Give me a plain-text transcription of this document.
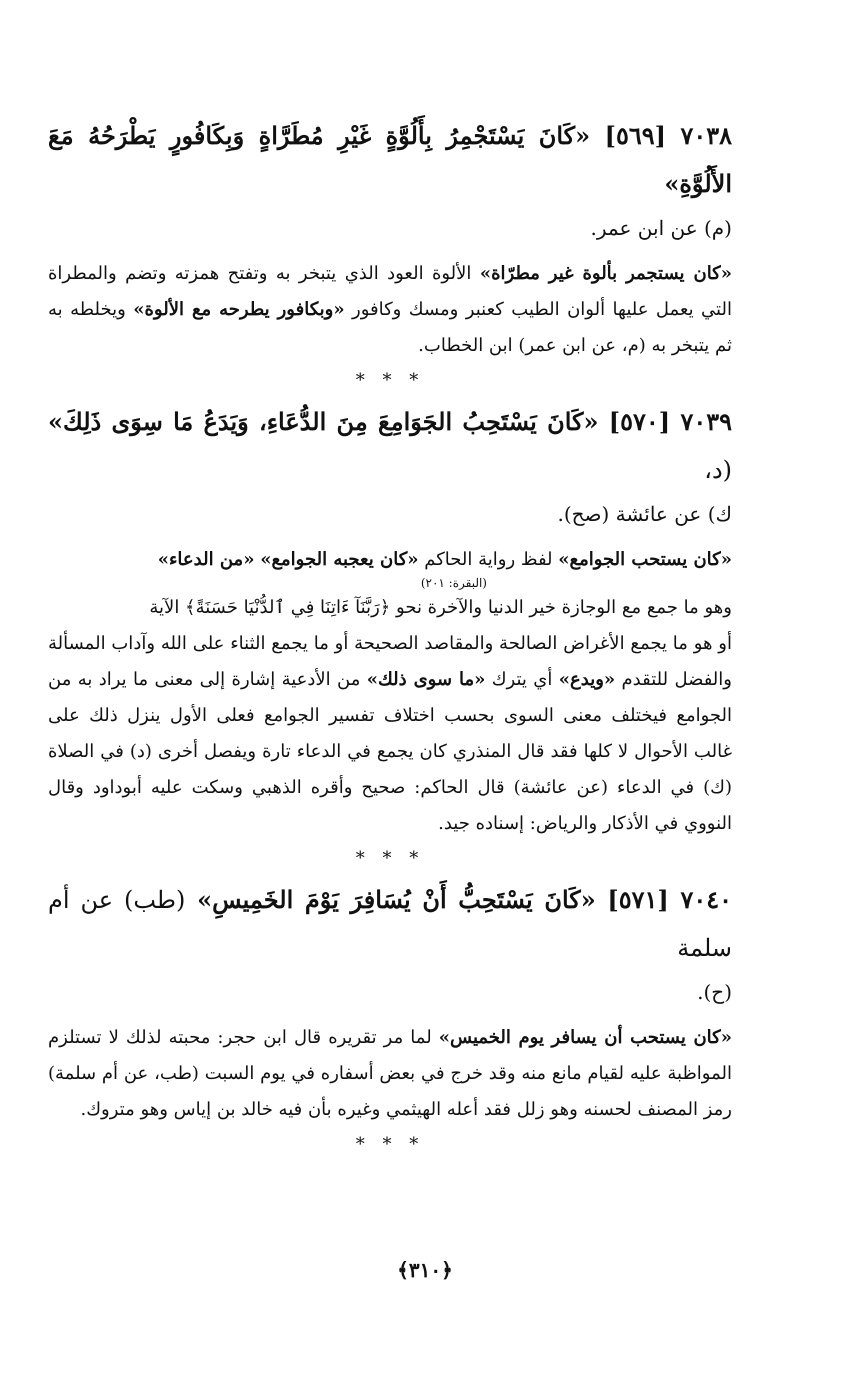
٧٠٣٨ [٥٦٩] «كَانَ يَسْتَجْمِرُ بِأَلُوَّةٍ غَيْرِ مُطَرَّاةٍ وَبِكَافُورٍ يَطْرَحُهُ مَعَ الأَلُوَّةِ»
(م) عن ابن عمر.

«كان يستجمر بألوة غير مطرّاة» الألوة العود الذي يتبخر به وتفتح همزته وتضم والمطراة التي يعمل عليها ألوان الطيب كعنبر ومسك وكافور «وبكافور يطرحه مع الألوة» ويخلطه به ثم يتبخر به (م، عن ابن عمر) ابن الخطاب.

* * *

٧٠٣٩ [٥٧٠] «كَانَ يَسْتَحِبُ الجَوَامِعَ مِنَ الدُّعَاءِ، وَيَدَعُ مَا سِوَى ذَلِكَ» (د،
ك) عن عائشة (صح).

«كان يستحب الجوامع» لفظ رواية الحاكم «كان يعجبه الجوامع» «من الدعاء»
(البقرة: ٢٠١)
وهو ما جمع مع الوجازة خير الدنيا والآخرة نحو ﴿رَبَّنَآ ءَاتِنَا فِي ٱلدُّنْيَا حَسَنَةً﴾ الآية
أو هو ما يجمع الأغراض الصالحة والمقاصد الصحيحة أو ما يجمع الثناء على الله وآداب المسألة والفضل للتقدم «ويدع» أي يترك «ما سوى ذلك» من الأدعية إشارة إلى معنى ما يراد به من الجوامع فيختلف معنى السوى بحسب اختلاف تفسير الجوامع فعلى الأول ينزل ذلك على غالب الأحوال لا كلها فقد قال المنذري كان يجمع في الدعاء تارة ويفصل أخرى (د) في الصلاة (ك) في الدعاء (عن عائشة) قال الحاكم: صحيح وأقره الذهبي وسكت عليه أبوداود وقال النووي في الأذكار والرياض: إسناده جيد.

* * *

٧٠٤٠ [٥٧١] «كَانَ يَسْتَحِبُّ أَنْ يُسَافِرَ يَوْمَ الخَمِيسِ» (طب) عن أم سلمة
(ح).

«كان يستحب أن يسافر يوم الخميس» لما مر تقريره قال ابن حجر: محبته لذلك لا تستلزم المواظبة عليه لقيام مانع منه وقد خرج في بعض أسفاره في يوم السبت (طب، عن أم سلمة) رمز المصنف لحسنه وهو زلل فقد أعله الهيثمي وغيره بأن فيه خالد بن إياس وهو متروك.

* * *
﴿٣١٠﴾
